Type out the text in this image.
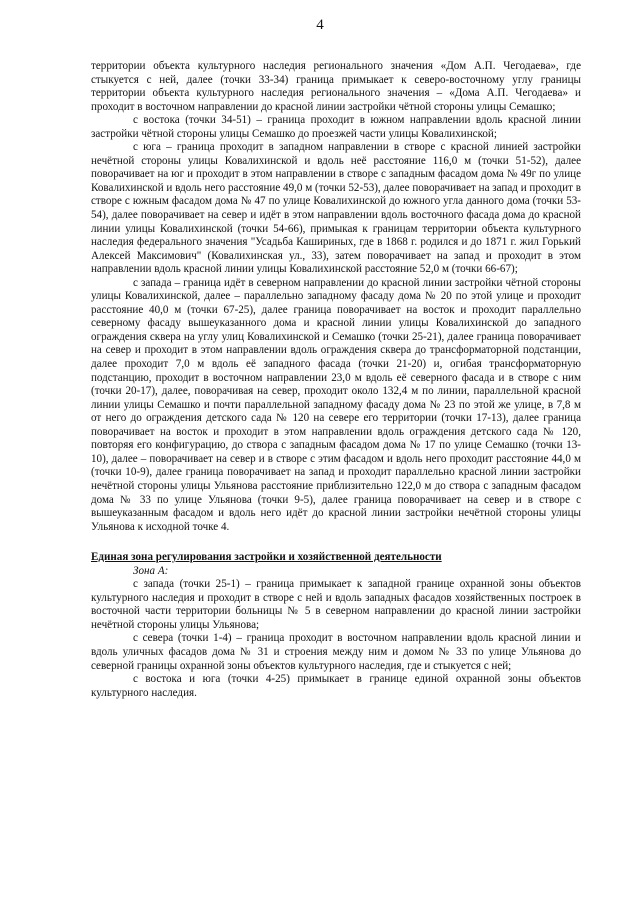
4

территории объекта культурного наследия регионального значения «Дом А.П. Чегодаева», где стыкуется с ней, далее (точки 33-34) граница примыкает к северо-восточному углу границы территории объекта культурного наследия регионального значения – «Дома А.П. Чегодаева» и проходит в восточном направлении до красной линии застройки чётной стороны улицы Семашко;

с востока (точки 34-51) – граница проходит в южном направлении вдоль красной линии застройки чётной стороны улицы Семашко до проезжей части улицы Ковалихинской;

с юга – граница проходит в западном направлении в створе с красной линией застройки нечётной стороны улицы Ковалихинской и вдоль неё расстояние 116,0 м (точки 51-52), далее поворачивает на юг и проходит в этом направлении в створе с западным фасадом дома № 49г по улице Ковалихинской и вдоль него расстояние 49,0 м (точки 52-53), далее поворачивает на запад и проходит в створе с южным фасадом дома № 47 по улице Ковалихинской до южного угла данного дома (точки 53-54), далее поворачивает на север и идёт в этом направлении вдоль восточного фасада дома до красной линии улицы Ковалихинской (точки 54-66), примыкая к границам территории объекта культурного наследия федерального значения "Усадьба Кашириных, где в 1868 г. родился и до 1871 г. жил Горький Алексей Максимович" (Ковалихинская ул., 33), затем поворачивает на запад и проходит в этом направлении вдоль красной линии улицы Ковалихинской расстояние 52,0 м (точки 66-67);

с запада – граница идёт в северном направлении до красной линии застройки чётной стороны улицы Ковалихинской, далее – параллельно западному фасаду дома № 20 по этой улице и проходит расстояние 40,0 м (точки 67-25), далее граница поворачивает на восток и проходит параллельно северному фасаду вышеуказанного дома и красной линии улицы Ковалихинской до западного ограждения сквера на углу улиц Ковалихинской и Семашко (точки 25-21), далее граница поворачивает на север и проходит в этом направлении вдоль ограждения сквера до трансформаторной подстанции, далее проходит 7,0 м вдоль её западного фасада (точки 21-20) и, огибая трансформаторную подстанцию, проходит в восточном направлении 23,0 м вдоль её северного фасада и в створе с ним (точки 20-17), далее, поворачивая на север, проходит около 132,4 м по линии, параллельной красной линии улицы Семашко и почти параллельной западному фасаду дома № 23 по этой же улице, в 7,8 м от него до ограждения детского сада № 120 на севере его территории (точки 17-13), далее граница поворачивает на восток и проходит в этом направлении вдоль ограждения детского сада № 120, повторяя его конфигурацию, до створа с западным фасадом дома № 17 по улице Семашко (точки 13-10), далее – поворачивает на север и в створе с этим фасадом и вдоль него проходит расстояние 44,0 м (точки 10-9), далее граница поворачивает на запад и проходит параллельно красной линии застройки нечётной стороны улицы Ульянова расстояние приблизительно 122,0 м до створа с западным фасадом дома № 33 по улице Ульянова (точки 9-5), далее граница поворачивает на север и в створе с вышеуказанным фасадом и вдоль него идёт до красной линии застройки нечётной стороны улицы Ульянова к исходной точке 4.

Единая зона регулирования застройки и хозяйственной деятельности

Зона А:

с запада (точки 25-1) – граница примыкает к западной границе охранной зоны объектов культурного наследия и проходит в створе с ней и вдоль западных фасадов хозяйственных построек в восточной части территории больницы № 5 в северном направлении до красной линии застройки нечётной стороны улицы Ульянова;

с севера (точки 1-4) – граница проходит в восточном направлении вдоль красной линии и вдоль уличных фасадов дома № 31 и строения между ним и домом № 33 по улице Ульянова до северной границы охранной зоны объектов культурного наследия, где и стыкуется с ней;

с востока и юга (точки 4-25) примыкает в границе единой охранной зоны объектов культурного наследия.
